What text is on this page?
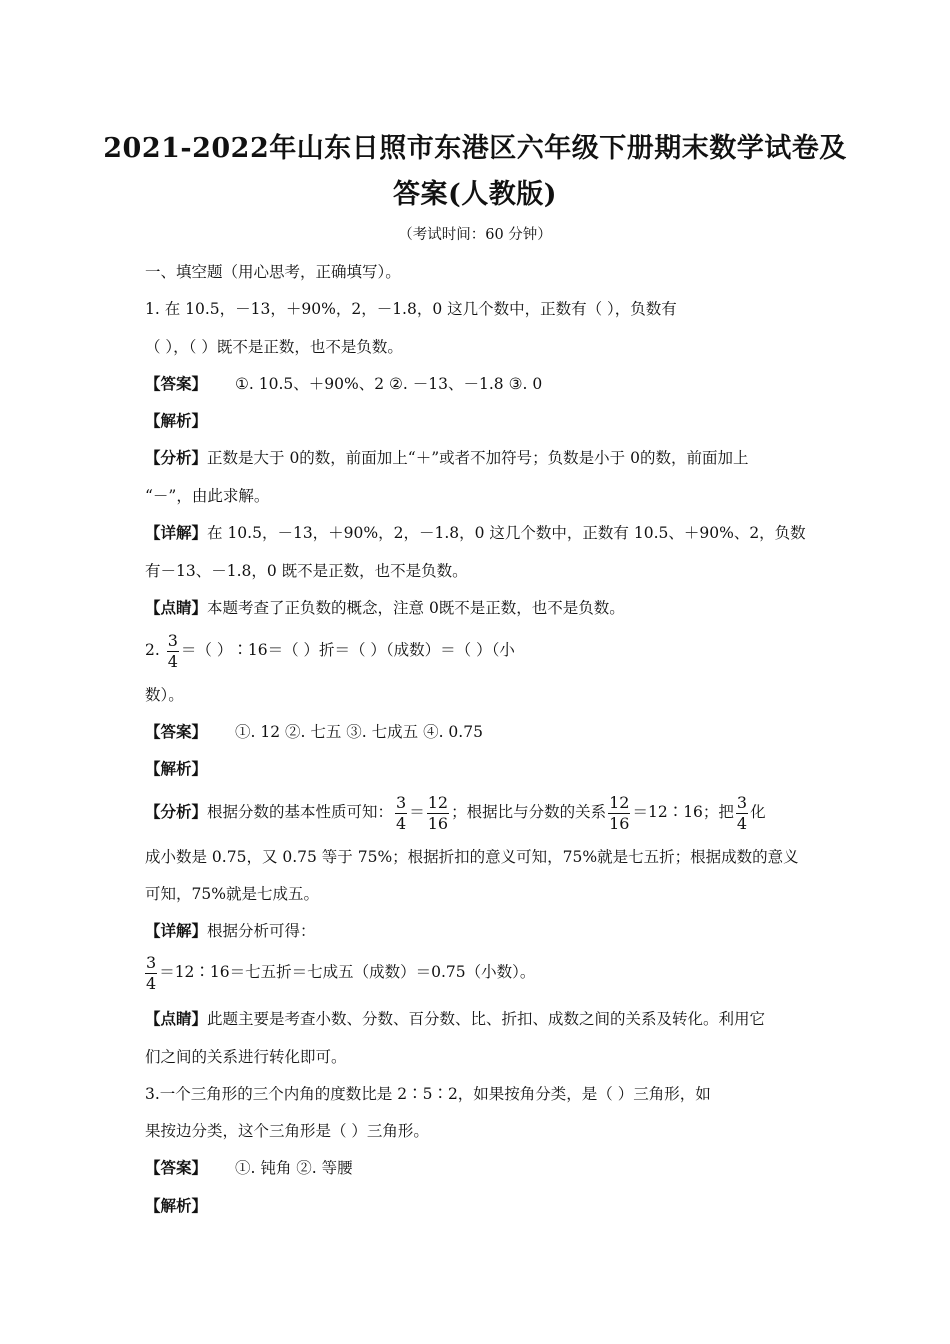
2021-2022年山东日照市东港区六年级下册期末数学试卷及
答案(人教版)
（考试时间：60 分钟）
一、填空题（用心思考，正确填写）。
1. 在 10.5，－13，＋90%，2，－1.8，0 这几个数中，正数有（ ），负数有
（ ），（ ）既不是正数，也不是负数。
【答案】 ①. 10.5、＋90%、2 ②. －13、－1.8 ③. 0
【解析】
【分析】正数是大于 0的数，前面加上“＋”或者不加符号；负数是小于 0的数，前面加上
“－”，由此求解。
【详解】在 10.5，－13，＋90%，2，－1.8，0 这几个数中，正数有 10.5、＋90%、2，负数
有－13、－1.8，0 既不是正数，也不是负数。
【点睛】本题考查了正负数的概念，注意 0既不是正数，也不是负数。
2. $\frac{3}{4}$ ＝（ ）∶16＝（ ）折＝（ ）（成数）＝（ ）（小
数）。
【答案】 ①. 12 ②. 七五 ③. 七成五 ④. 0.75
【解析】
【分析】根据分数的基本性质可知： $\frac{3}{4} = \frac{12}{16}$ ；根据比与分数的关系 $\frac{12}{16}$ ＝12∶16；把 $\frac{3}{4}$ 化
成小数是 0.75，又 0.75 等于 75%；根据折扣的意义可知，75%就是七五折；根据成数的意义
可知，75%就是七成五。
【详解】根据分析可得：
$\frac{3}{4}$ ＝12∶16＝七五折＝七成五（成数）＝0.75（小数）。
【点睛】此题主要是考查小数、分数、百分数、比、折扣、成数之间的关系及转化。利用它
们之间的关系进行转化即可。
3.一个三角形的三个内角的度数比是 2∶5∶2，如果按角分类，是（ ）三角形，如
果按边分类，这个三角形是（ ）三角形。
【答案】 ①. 钝角 ②. 等腰
【解析】
